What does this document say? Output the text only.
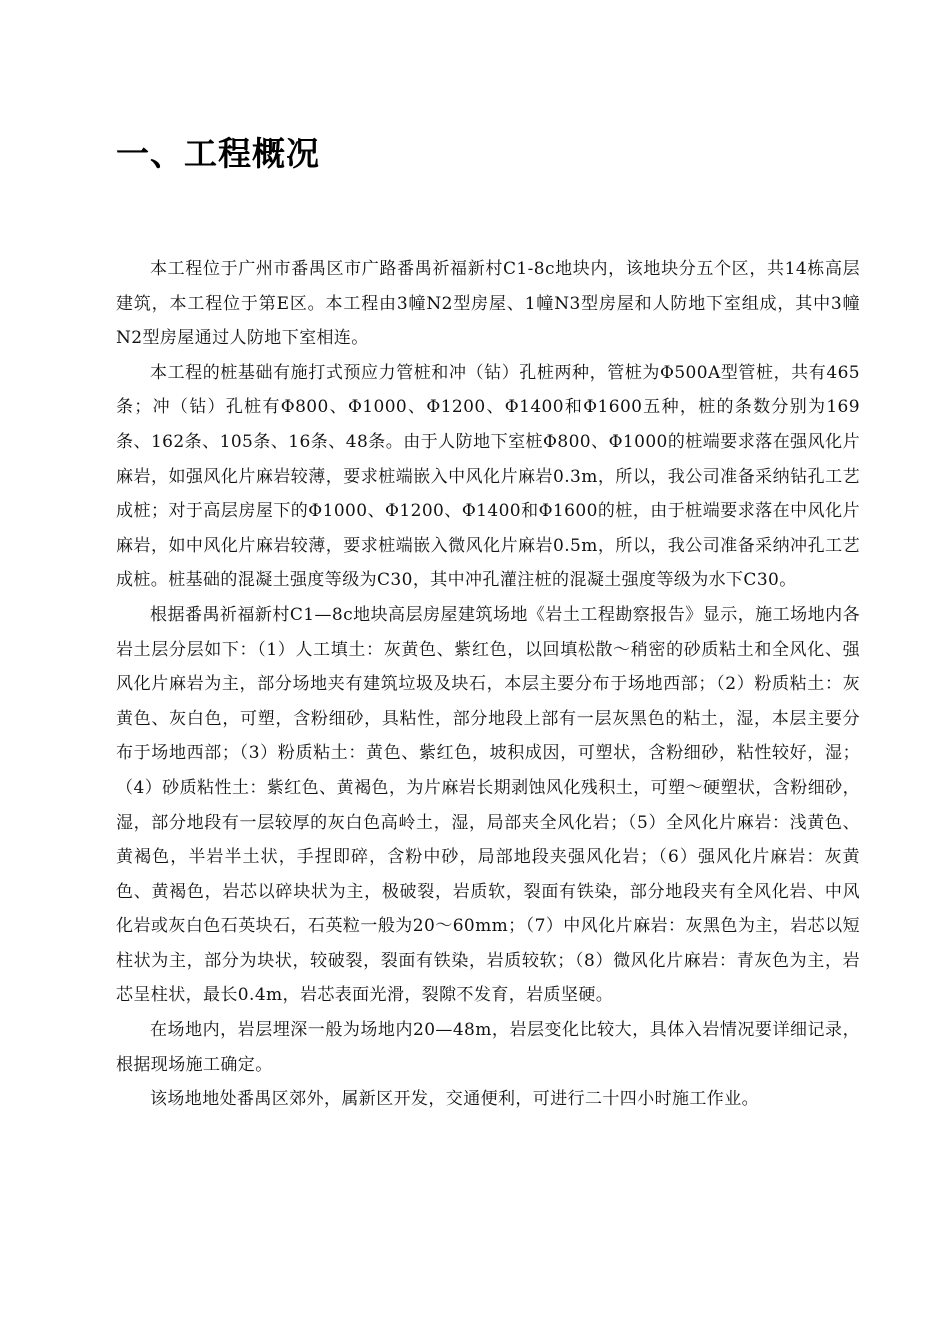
一、工程概况

本工程位于广州市番禺区市广路番禺祈福新村C1-8c地块内，该地块分五个区，共14栋高层建筑，本工程位于第E区。本工程由3幢N2型房屋、1幢N3型房屋和人防地下室组成，其中3幢N2型房屋通过人防地下室相连。

本工程的桩基础有施打式预应力管桩和冲（钻）孔桩两种，管桩为Φ500A型管桩，共有465条；冲（钻）孔桩有Φ800、Φ1000、Φ1200、Φ1400和Φ1600五种，桩的条数分别为169条、162条、105条、16条、48条。由于人防地下室桩Φ800、Φ1000的桩端要求落在强风化片麻岩，如强风化片麻岩较薄，要求桩端嵌入中风化片麻岩0.3m，所以，我公司准备采纳钻孔工艺成桩；对于高层房屋下的Φ1000、Φ1200、Φ1400和Φ1600的桩，由于桩端要求落在中风化片麻岩，如中风化片麻岩较薄，要求桩端嵌入微风化片麻岩0.5m，所以，我公司准备采纳冲孔工艺成桩。桩基础的混凝土强度等级为C30，其中冲孔灌注桩的混凝土强度等级为水下C30。

根据番禺祈福新村C1—8c地块高层房屋建筑场地《岩土工程勘察报告》显示，施工场地内各岩土层分层如下：（1）人工填土：灰黄色、紫红色，以回填松散～稍密的砂质粘土和全风化、强风化片麻岩为主，部分场地夹有建筑垃圾及块石，本层主要分布于场地西部；（2）粉质粘土：灰黄色、灰白色，可塑，含粉细砂，具粘性，部分地段上部有一层灰黑色的粘土，湿，本层主要分布于场地西部；（3）粉质粘土：黄色、紫红色，坡积成因，可塑状，含粉细砂，粘性较好，湿；（4）砂质粘性土：紫红色、黄褐色，为片麻岩长期剥蚀风化残积土，可塑～硬塑状，含粉细砂，湿，部分地段有一层较厚的灰白色高岭土，湿，局部夹全风化岩；（5）全风化片麻岩：浅黄色、黄褐色，半岩半土状，手捏即碎，含粉中砂，局部地段夹强风化岩；（6）强风化片麻岩：灰黄色、黄褐色，岩芯以碎块状为主，极破裂，岩质软，裂面有铁染，部分地段夹有全风化岩、中风化岩或灰白色石英块石，石英粒一般为20～60mm；（7）中风化片麻岩：灰黑色为主，岩芯以短柱状为主，部分为块状，较破裂，裂面有铁染，岩质较软；（8）微风化片麻岩：青灰色为主，岩芯呈柱状，最长0.4m，岩芯表面光滑，裂隙不发育，岩质坚硬。

在场地内，岩层埋深一般为场地内20—48m，岩层变化比较大，具体入岩情况要详细记录，根据现场施工确定。

该场地地处番禺区郊外，属新区开发，交通便利，可进行二十四小时施工作业。
